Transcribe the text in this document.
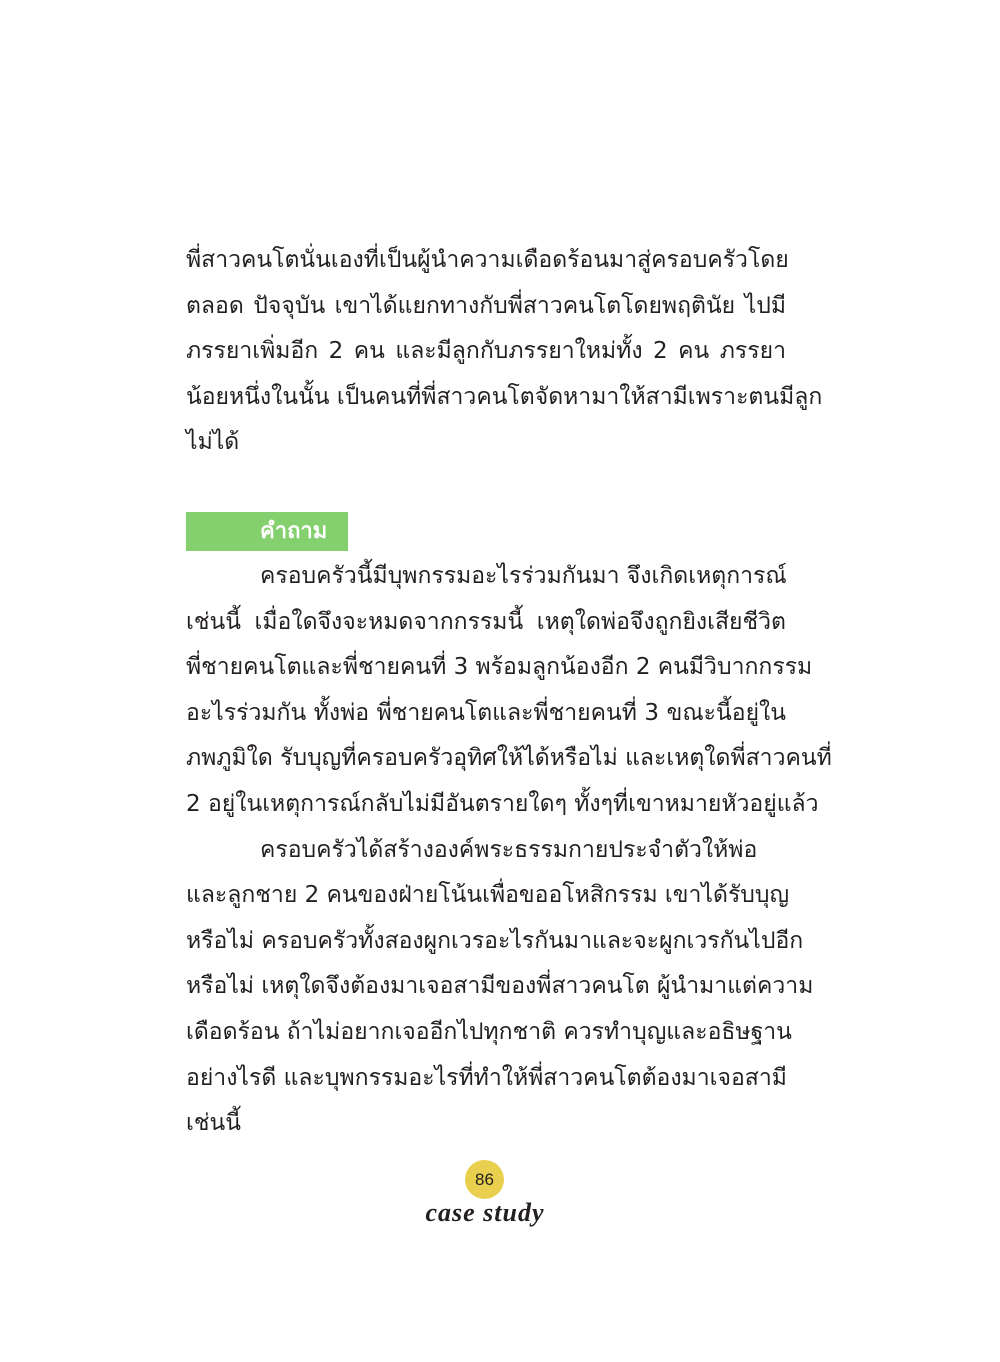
พี่สาวคนโตนั่นเองที่เป็นผู้นำความเดือดร้อนมาสู่ครอบครัวโดย
ตลอด ปัจจุบัน เขาได้แยกทางกับพี่สาวคนโตโดยพฤตินัย ไปมี
ภรรยาเพิ่มอีก 2 คน และมีลูกกับภรรยาใหม่ทั้ง 2 คน ภรรยา
น้อยหนึ่งในนั้น เป็นคนที่พี่สาวคนโตจัดหามาให้สามีเพราะตนมีลูก
ไม่ได้
คำถาม
ครอบครัวนี้มีบุพกรรมอะไรร่วมกันมา จึงเกิดเหตุการณ์
เช่นนี้ เมื่อใดจึงจะหมดจากกรรมนี้ เหตุใดพ่อจึงถูกยิงเสียชีวิต
พี่ชายคนโตและพี่ชายคนที่ 3 พร้อมลูกน้องอีก 2 คนมีวิบากกรรม
อะไรร่วมกัน ทั้งพ่อ พี่ชายคนโตและพี่ชายคนที่ 3 ขณะนี้อยู่ใน
ภพภูมิใด รับบุญที่ครอบครัวอุทิศให้ได้หรือไม่ และเหตุใดพี่สาวคนที่
2 อยู่ในเหตุการณ์กลับไม่มีอันตรายใดๆ ทั้งๆที่เขาหมายหัวอยู่แล้ว
ครอบครัวได้สร้างองค์พระธรรมกายประจำตัวให้พ่อ
และลูกชาย 2 คนของฝ่ายโน้นเพื่อขออโหสิกรรม เขาได้รับบุญ
หรือไม่ ครอบครัวทั้งสองผูกเวรอะไรกันมาและจะผูกเวรกันไปอีก
หรือไม่ เหตุใดจึงต้องมาเจอสามีของพี่สาวคนโต ผู้นำมาแต่ความ
เดือดร้อน ถ้าไม่อยากเจออีกไปทุกชาติ ควรทำบุญและอธิษฐาน
อย่างไรดี และบุพกรรมอะไรที่ทำให้พี่สาวคนโตต้องมาเจอสามี
เช่นนี้
86
case study
